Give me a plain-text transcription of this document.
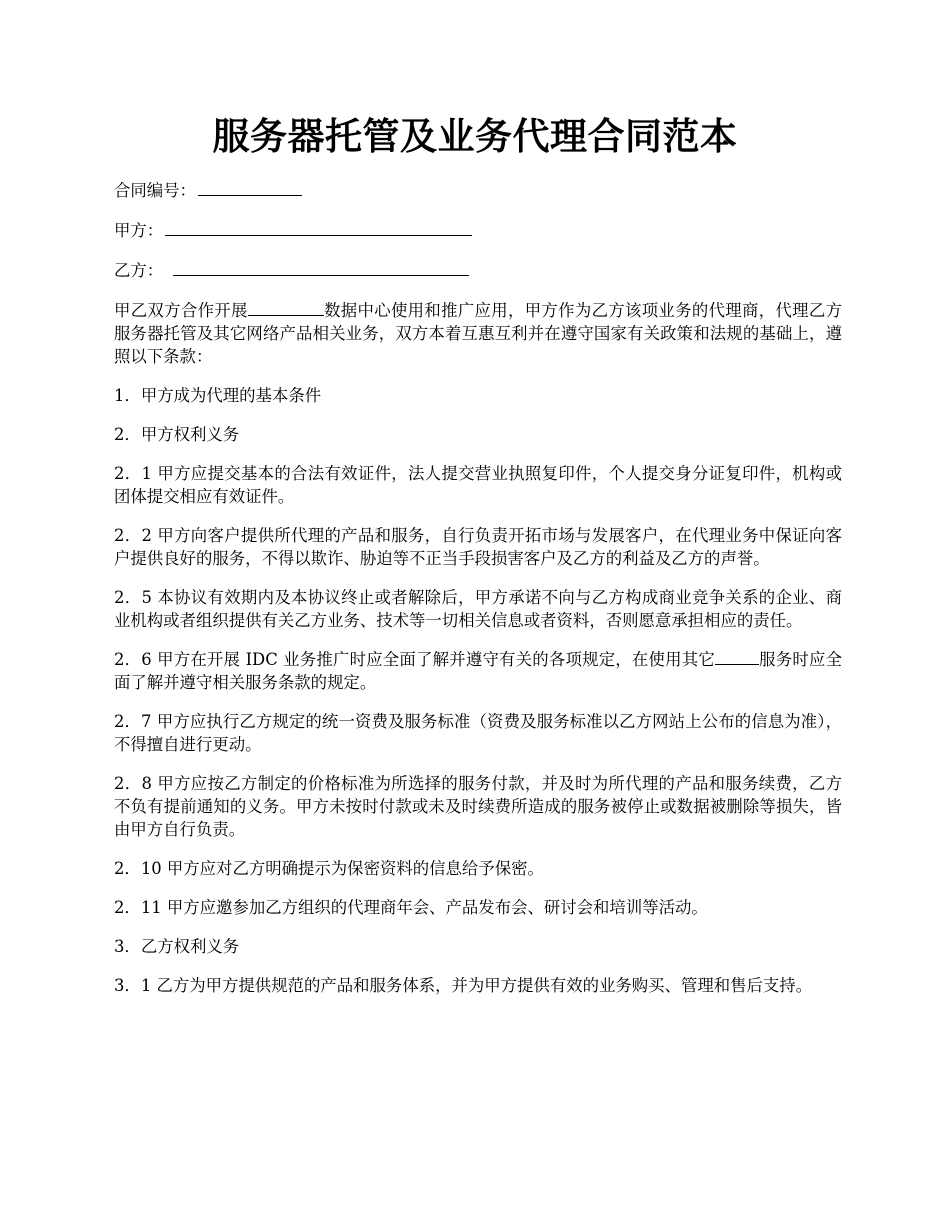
服务器托管及业务代理合同范本
合同编号：
甲方：
乙方：

甲乙双方合作开展	数据中心使用和推广应用，甲方作为乙方该项业务的代理商，代理乙方服务器托管及其它网络产品相关业务，双方本着互惠互利并在遵守国家有关政策和法规的基础上，遵照以下条款：

1．甲方成为代理的基本条件

2．甲方权利义务

2．1 甲方应提交基本的合法有效证件，法人提交营业执照复印件，个人提交身分证复印件，机构或团体提交相应有效证件。

2．2 甲方向客户提供所代理的产品和服务，自行负责开拓市场与发展客户，在代理业务中保证向客户提供良好的服务，不得以欺诈、胁迫等不正当手段损害客户及乙方的利益及乙方的声誉。

2．5 本协议有效期内及本协议终止或者解除后，甲方承诺不向与乙方构成商业竞争关系的企业、商业机构或者组织提供有关乙方业务、技术等一切相关信息或者资料，否则愿意承担相应的责任。

2．6 甲方在开展 IDC 业务推广时应全面了解并遵守有关的各项规定，在使用其它	服务时应全面了解并遵守相关服务条款的规定。

2．7 甲方应执行乙方规定的统一资费及服务标准（资费及服务标准以乙方网站上公布的信息为准），不得擅自进行更动。

2．8 甲方应按乙方制定的价格标准为所选择的服务付款，并及时为所代理的产品和服务续费，乙方不负有提前通知的义务。甲方未按时付款或未及时续费所造成的服务被停止或数据被删除等损失，皆由甲方自行负责。

2．10 甲方应对乙方明确提示为保密资料的信息给予保密。

2．11 甲方应邀参加乙方组织的代理商年会、产品发布会、研讨会和培训等活动。

3．乙方权利义务

3．1 乙方为甲方提供规范的产品和服务体系，并为甲方提供有效的业务购买、管理和售后支持。
